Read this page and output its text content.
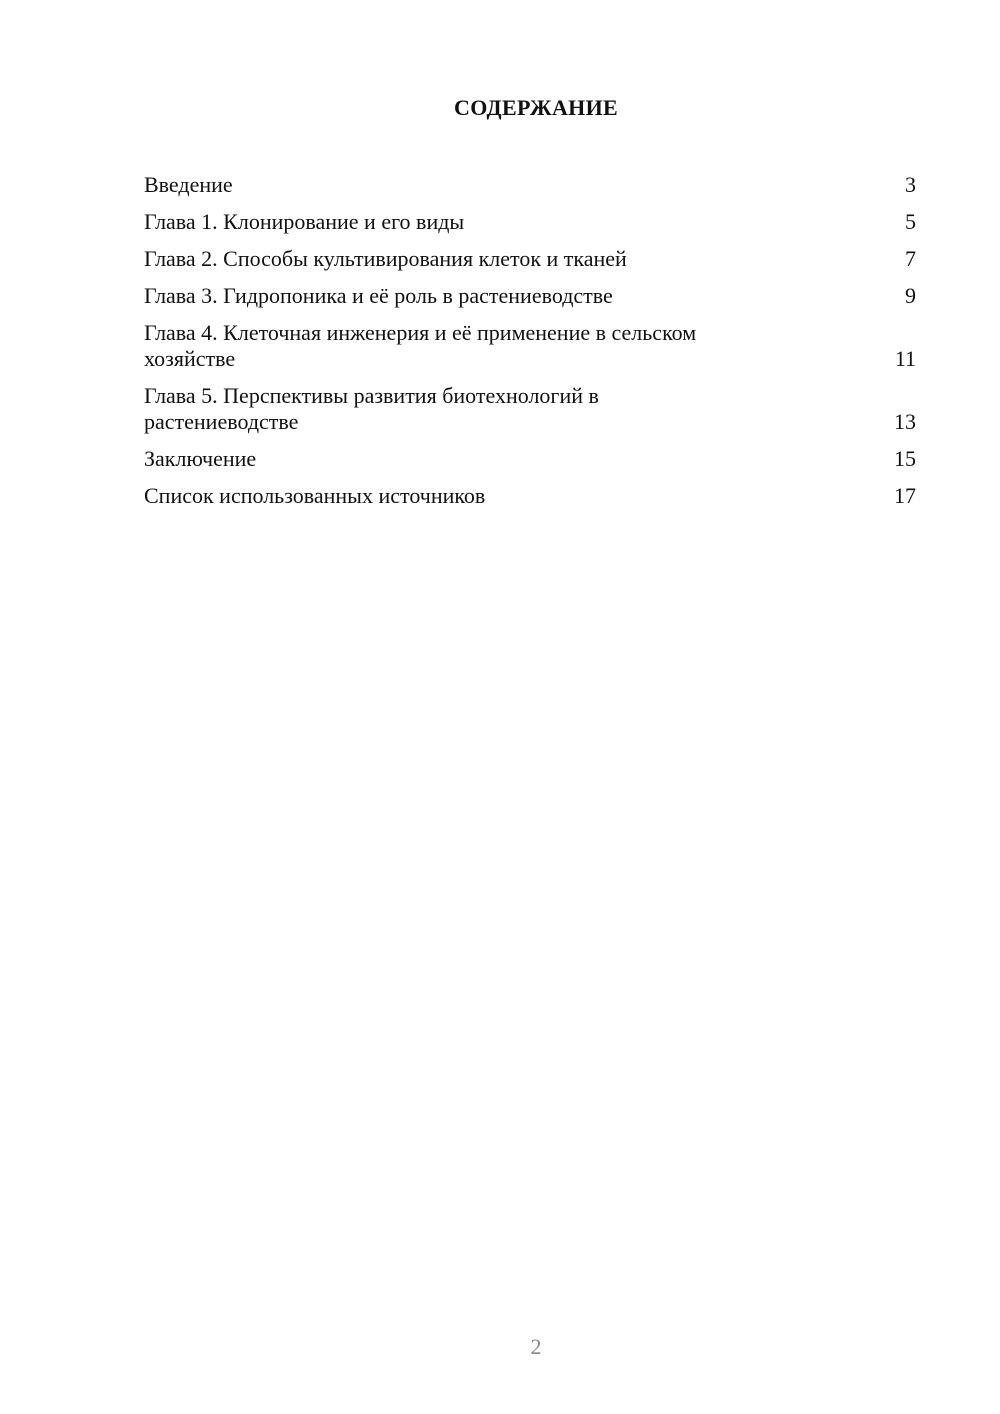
СОДЕРЖАНИЕ
Введение	3
Глава 1. Клонирование и его виды	5
Глава 2. Способы культивирования клеток и тканей	7
Глава 3. Гидропоника и её роль в растениеводстве	9
Глава 4. Клеточная инженерия и её применение в сельском хозяйстве	11
Глава 5. Перспективы развития биотехнологий в растениеводстве	13
Заключение	15
Список использованных источников	17
2
